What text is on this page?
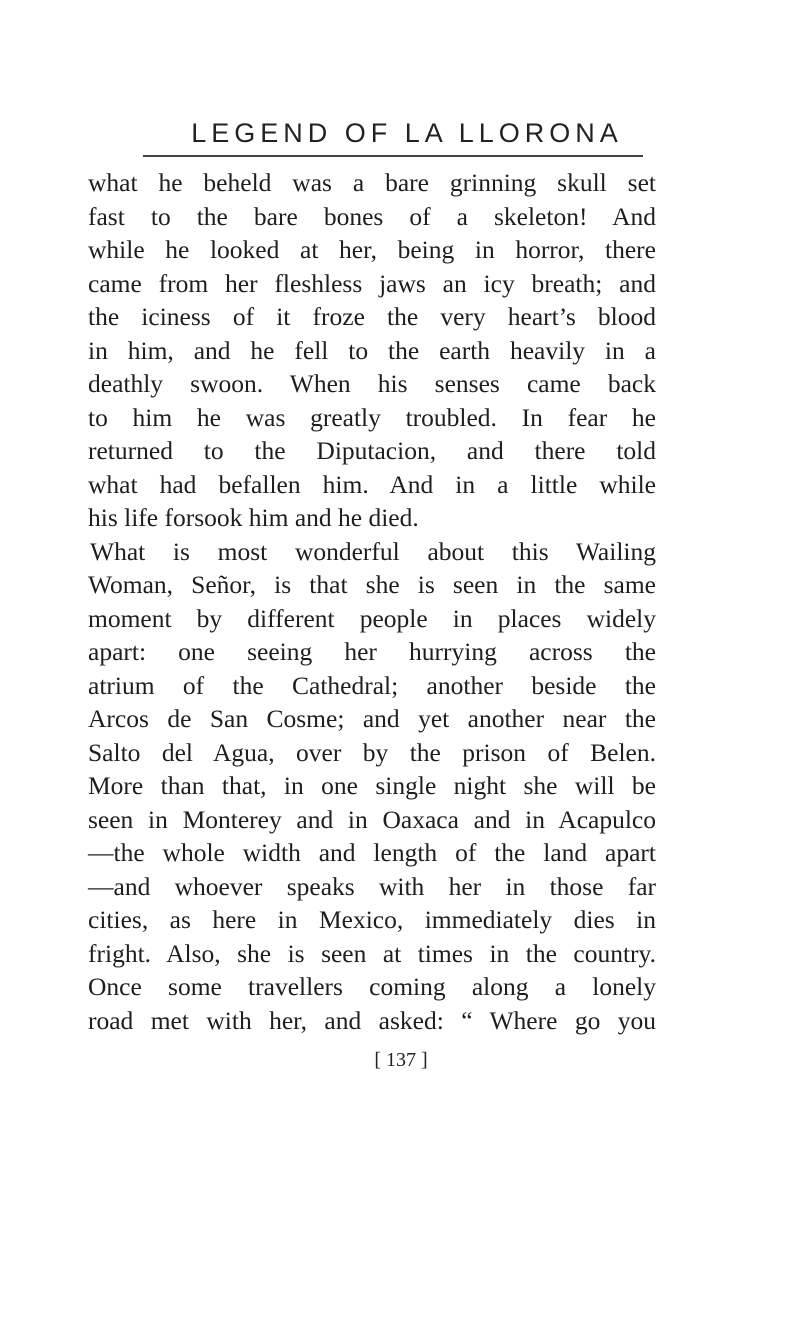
LEGEND OF LA LLORONA
what he beheld was a bare grinning skull set
fast to the bare bones of a skeleton! And
while he looked at her, being in horror, there
came from her fleshless jaws an icy breath; and
the iciness of it froze the very heart’s blood
in him, and he fell to the earth heavily in a
deathly swoon. When his senses came back
to him he was greatly troubled. In fear he
returned to the Diputacion, and there told
what had befallen him. And in a little while
his life forsook him and he died.
What is most wonderful about this Wailing
Woman, Señor, is that she is seen in the same
moment by different people in places widely
apart: one seeing her hurrying across the
atrium of the Cathedral; another beside the
Arcos de San Cosme; and yet another near the
Salto del Agua, over by the prison of Belen.
More than that, in one single night she will be
seen in Monterey and in Oaxaca and in Acapulco
—the whole width and length of the land apart
—and whoever speaks with her in those far
cities, as here in Mexico, immediately dies in
fright. Also, she is seen at times in the country.
Once some travellers coming along a lonely
road met with her, and asked: “ Where go you
[ 137 ]
